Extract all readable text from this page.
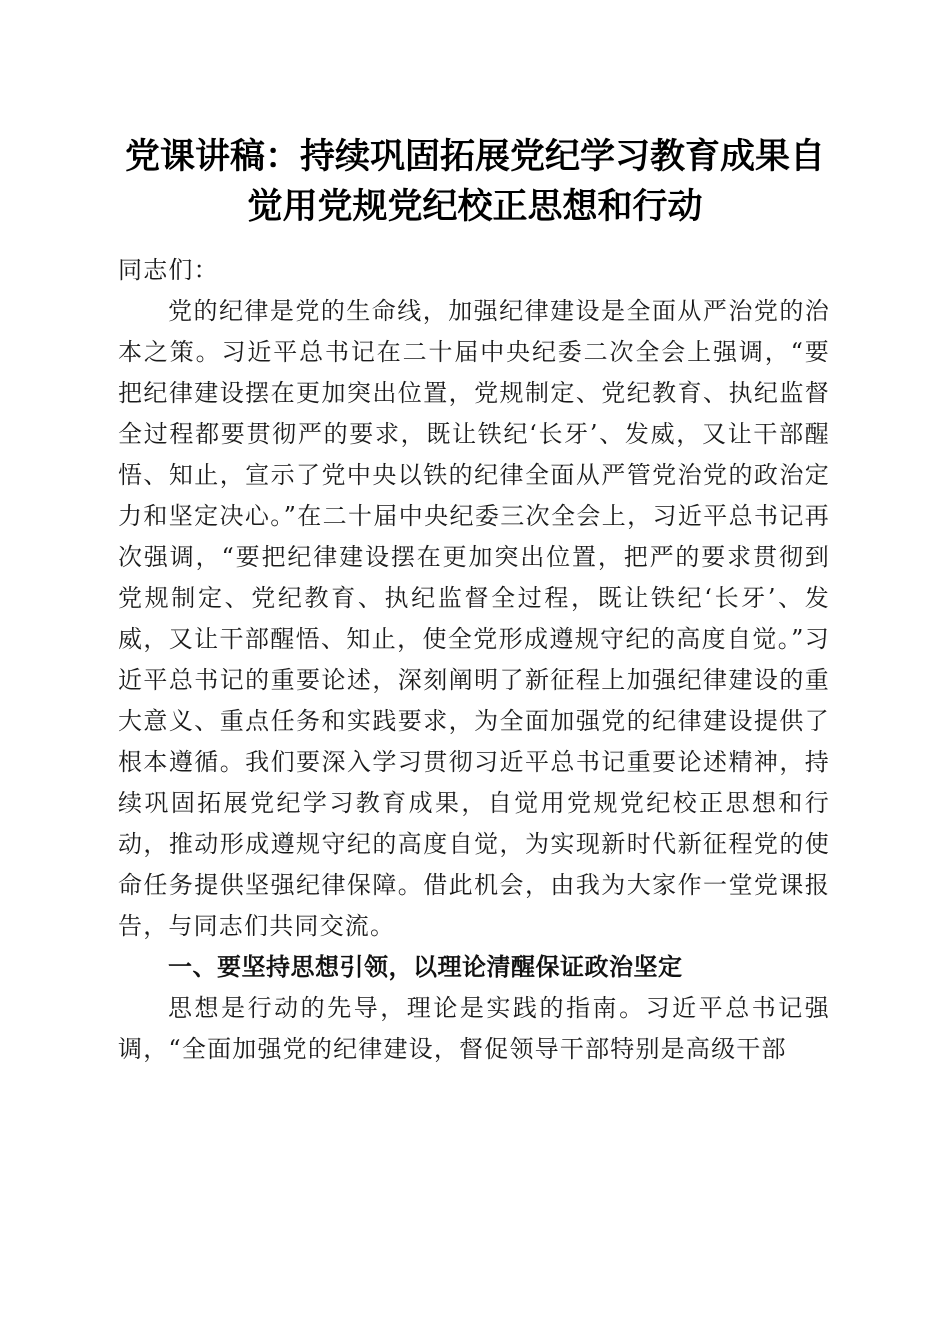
党课讲稿：持续巩固拓展党纪学习教育成果自
觉用党规党纪校正思想和行动

同志们：

党的纪律是党的生命线，加强纪律建设是全面从严治党的治本之策。习近平总书记在二十届中央纪委二次全会上强调，“要把纪律建设摆在更加突出位置，党规制定、党纪教育、执纪监督全过程都要贯彻严的要求，既让铁纪‘长牙’、发威，又让干部醒悟、知止，宣示了党中央以铁的纪律全面从严管党治党的政治定力和坚定决心。”在二十届中央纪委三次全会上，习近平总书记再次强调，“要把纪律建设摆在更加突出位置，把严的要求贯彻到党规制定、党纪教育、执纪监督全过程，既让铁纪‘长牙’、发威，又让干部醒悟、知止，使全党形成遵规守纪的高度自觉。”习近平总书记的重要论述，深刻阐明了新征程上加强纪律建设的重大意义、重点任务和实践要求，为全面加强党的纪律建设提供了根本遵循。我们要深入学习贯彻习近平总书记重要论述精神，持续巩固拓展党纪学习教育成果，自觉用党规党纪校正思想和行动，推动形成遵规守纪的高度自觉，为实现新时代新征程党的使命任务提供坚强纪律保障。借此机会，由我为大家作一堂党课报告，与同志们共同交流。

一、要坚持思想引领，以理论清醒保证政治坚定

思想是行动的先导，理论是实践的指南。习近平总书记强调，“全面加强党的纪律建设，督促领导干部特别是高级干部
